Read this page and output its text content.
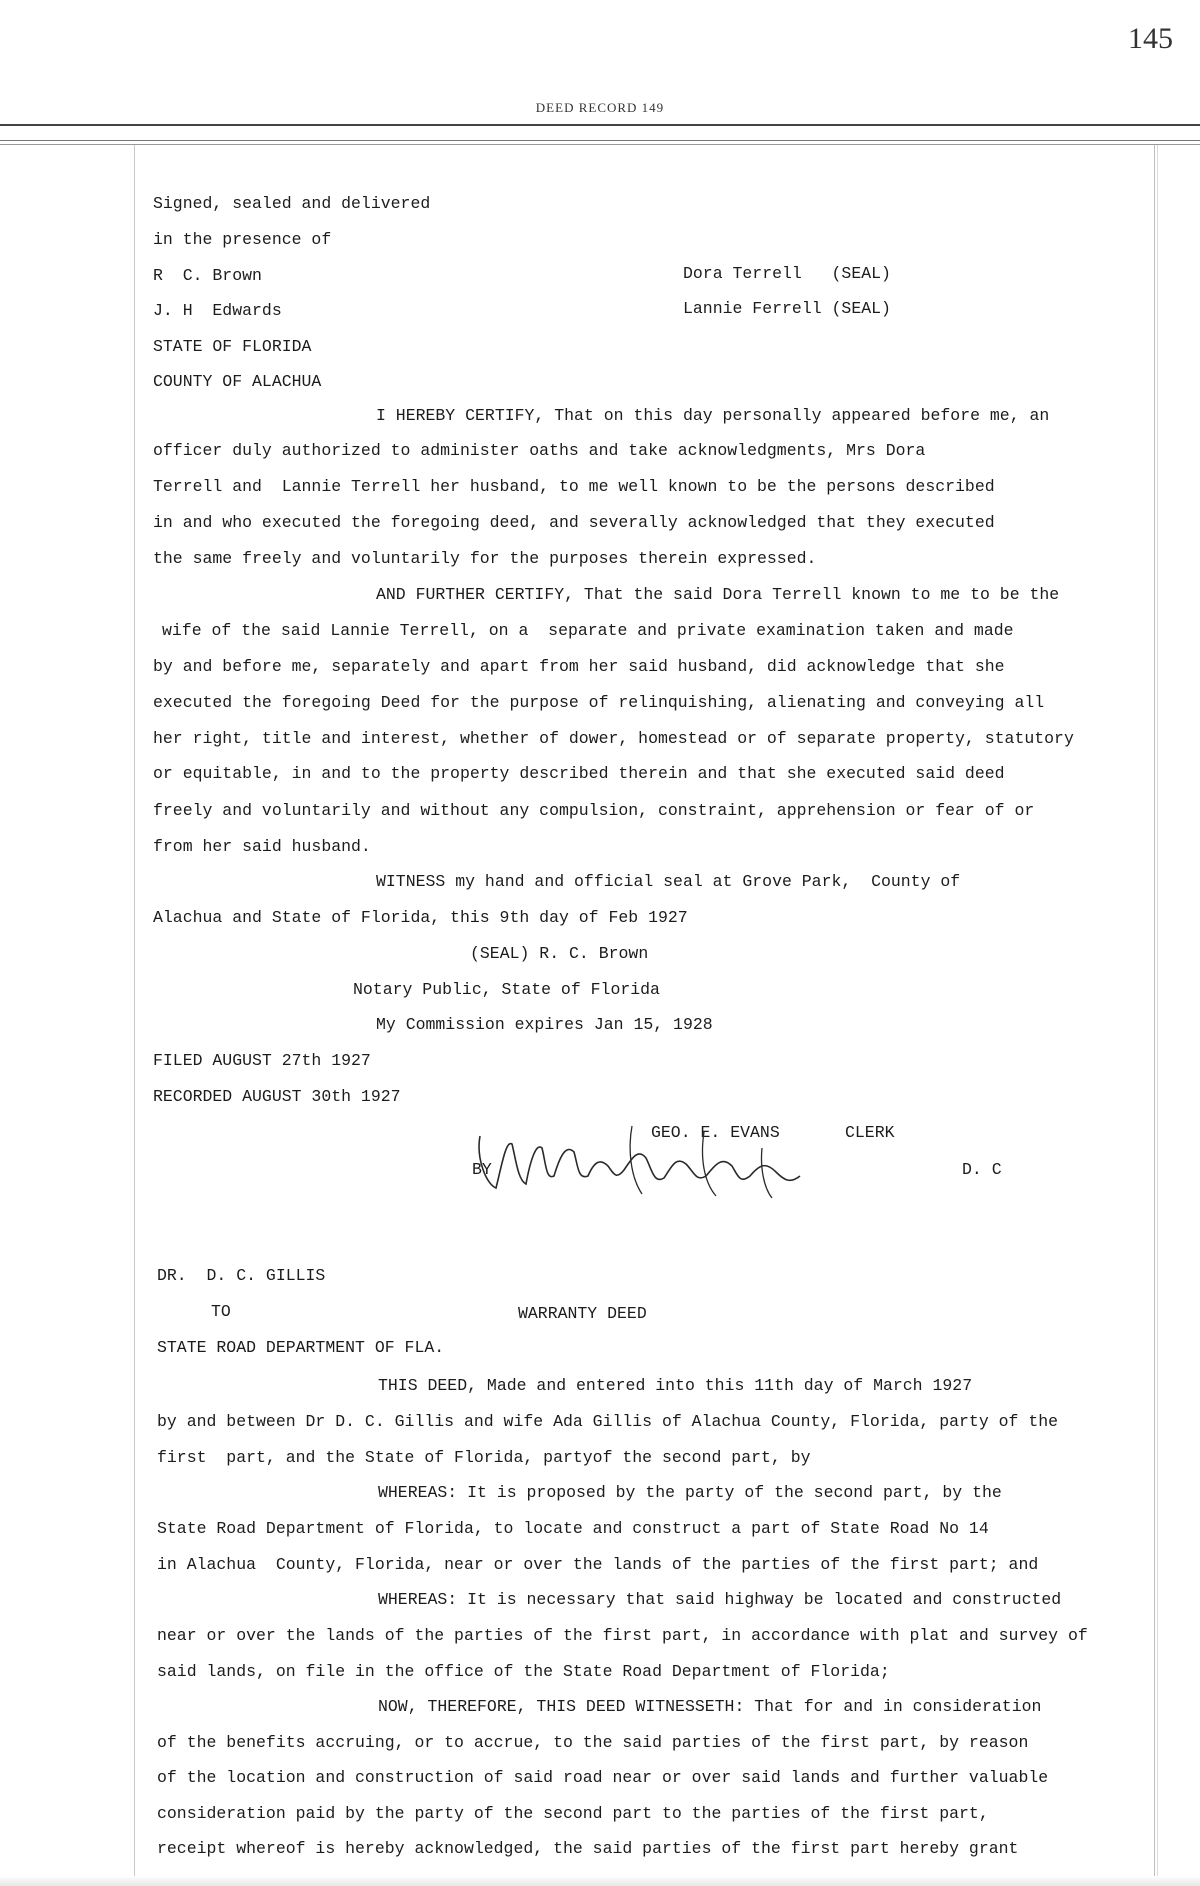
145
DEED RECORD 149
Signed, sealed and delivered
in the presence of
R  C. Brown	Dora Terrell   (SEAL)
J. H  Edwards	Lannie Ferrell (SEAL)
STATE OF FLORIDA
COUNTY OF ALACHUA
I HEREBY CERTIFY, That on this day personally appeared before me, an
officer duly authorized to administer oaths and take acknowledgments, Mrs Dora
Terrell and  Lannie Terrell her husband, to me well known to be the persons described
in and who executed the foregoing deed, and severally acknowledged that they executed
the same freely and voluntarily for the purposes therein expressed.
AND FURTHER CERTIFY, That the said Dora Terrell known to me to be the
wife of the said Lannie Terrell, on a  separate and private examination taken and made
by and before me, separately and apart from her said husband, did acknowledge that she
executed the foregoing Deed for the purpose of relinquishing, alienating and conveying all
her right, title and interest, whether of dower, homestead or of separate property, statutory
or equitable, in and to the property described therein and that she executed said deed
freely and voluntarily and without any compulsion, constraint, apprehension or fear of or
from her said husband.
WITNESS my hand and official seal at Grove Park,  County of
Alachua and State of Florida, this 9th day of Feb 1927
(SEAL) R. C. Brown
Notary Public, State of Florida
My Commission expires Jan 15, 1928
FILED AUGUST 27th 1927
RECORDED AUGUST 30th 1927
GEO. E. EVANS	CLERK
BY	D. C
DR.  D. C. GILLIS
TO	WARRANTY DEED
STATE ROAD DEPARTMENT OF FLA.
THIS DEED, Made and entered into this 11th day of March 1927
by and between Dr D. C. Gillis and wife Ada Gillis of Alachua County, Florida, party of the
first  part, and the State of Florida, partyof the second part, by
WHEREAS: It is proposed by the party of the second part, by the
State Road Department of Florida, to locate and construct a part of State Road No 14
in Alachua  County, Florida, near or over the lands of the parties of the first part; and
WHEREAS: It is necessary that said highway be located and constructed
near or over the lands of the parties of the first part, in accordance with plat and survey of
said lands, on file in the office of the State Road Department of Florida;
NOW, THEREFORE, THIS DEED WITNESSETH: That for and in consideration
of the benefits accruing, or to accrue, to the said parties of the first part, by reason
of the location and construction of said road near or over said lands and further valuable
consideration paid by the party of the second part to the parties of the first part,
receipt whereof is hereby acknowledged, the said parties of the first part hereby grant
